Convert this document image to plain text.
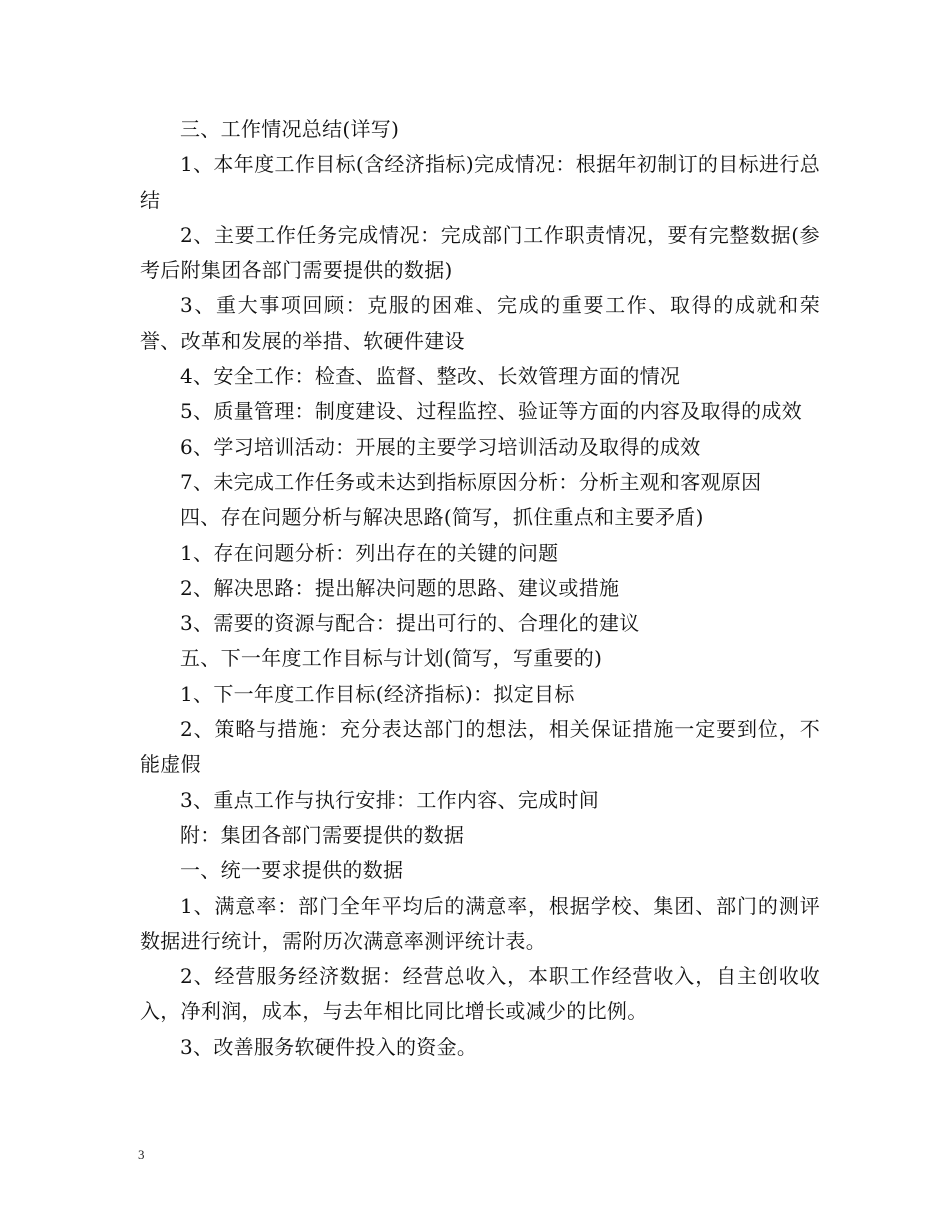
三、工作情况总结(详写)

1、本年度工作目标(含经济指标)完成情况：根据年初制订的目标进行总结

2、主要工作任务完成情况：完成部门工作职责情况，要有完整数据(参考后附集团各部门需要提供的数据)

3、重大事项回顾：克服的困难、完成的重要工作、取得的成就和荣誉、改革和发展的举措、软硬件建设

4、安全工作：检查、监督、整改、长效管理方面的情况

5、质量管理：制度建设、过程监控、验证等方面的内容及取得的成效

6、学习培训活动：开展的主要学习培训活动及取得的成效

7、未完成工作任务或未达到指标原因分析：分析主观和客观原因

四、存在问题分析与解决思路(简写，抓住重点和主要矛盾)

1、存在问题分析：列出存在的关键的问题

2、解决思路：提出解决问题的思路、建议或措施

3、需要的资源与配合：提出可行的、合理化的建议

五、下一年度工作目标与计划(简写，写重要的)

1、下一年度工作目标(经济指标)：拟定目标

2、策略与措施：充分表达部门的想法，相关保证措施一定要到位，不能虚假

3、重点工作与执行安排：工作内容、完成时间

附：集团各部门需要提供的数据

一、统一要求提供的数据

1、满意率：部门全年平均后的满意率，根据学校、集团、部门的测评数据进行统计，需附历次满意率测评统计表。

2、经营服务经济数据：经营总收入，本职工作经营收入，自主创收收入，净利润，成本，与去年相比同比增长或减少的比例。

3、改善服务软硬件投入的资金。

3
